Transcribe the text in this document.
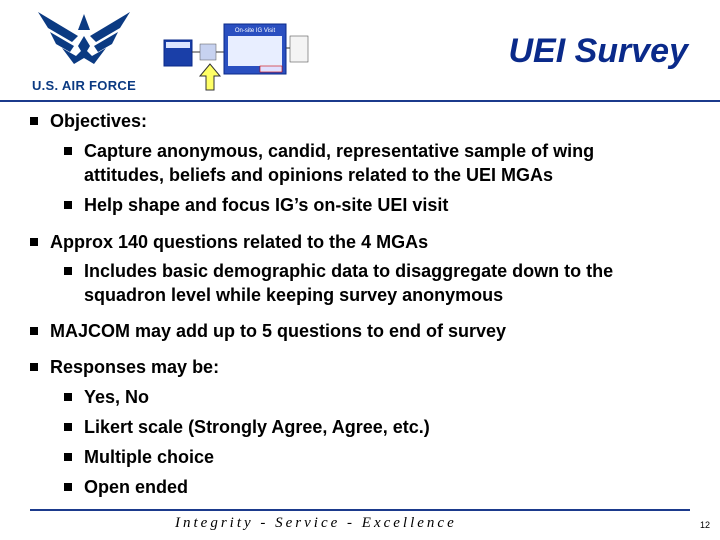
U.S. AIR FORCE
On-site IG Visit
UEI Survey
Objectives:
Capture anonymous, candid, representative sample of wing
attitudes, beliefs and opinions related to the UEI MGAs
Help shape and focus IG’s on-site UEI visit
Approx 140 questions related to the 4 MGAs
Includes basic demographic data to disaggregate down to the
squadron level while keeping survey anonymous
MAJCOM may add up to 5 questions to end of survey
Responses may be:
Yes, No
Likert scale (Strongly Agree, Agree, etc.)
Multiple choice
Open ended
Integrity - Service - Excellence	12
